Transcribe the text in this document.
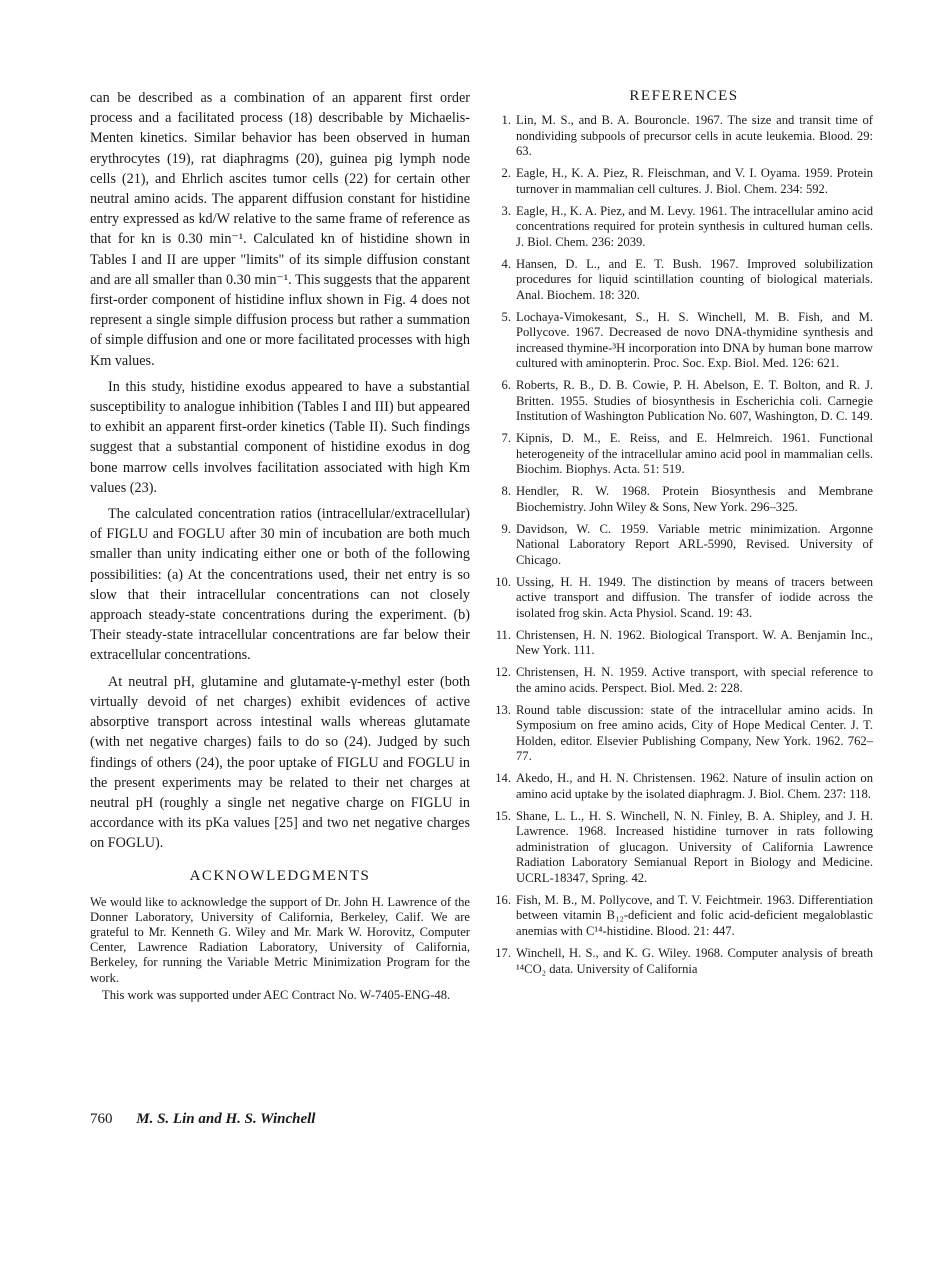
can be described as a combination of an apparent first order process and a facilitated process (18) describable by Michaelis-Menten kinetics. Similar behavior has been observed in human erythrocytes (19), rat diaphragms (20), guinea pig lymph node cells (21), and Ehrlich ascites tumor cells (22) for certain other neutral amino acids. The apparent diffusion constant for histidine entry expressed as kd/W relative to the same frame of reference as that for kn is 0.30 min⁻¹. Calculated kn of histidine shown in Tables I and II are upper "limits" of its simple diffusion constant and are all smaller than 0.30 min⁻¹. This suggests that the apparent first-order component of histidine influx shown in Fig. 4 does not represent a single simple diffusion process but rather a summation of simple diffusion and one or more facilitated processes with high Km values.

In this study, histidine exodus appeared to have a substantial susceptibility to analogue inhibition (Tables I and III) but appeared to exhibit an apparent first-order kinetics (Table II). Such findings suggest that a substantial component of histidine exodus in dog bone marrow cells involves facilitation associated with high Km values (23).

The calculated concentration ratios (intracellular/extracellular) of FIGLU and FOGLU after 30 min of incubation are both much smaller than unity indicating either one or both of the following possibilities: (a) At the concentrations used, their net entry is so slow that their intracellular concentrations can not closely approach steady-state concentrations during the experiment. (b) Their steady-state intracellular concentrations are far below their extracellular concentrations.

At neutral pH, glutamine and glutamate-γ-methyl ester (both virtually devoid of net charges) exhibit evidences of active absorptive transport across intestinal walls whereas glutamate (with net negative charges) fails to do so (24). Judged by such findings of others (24), the poor uptake of FIGLU and FOGLU in the present experiments may be related to their net charges at neutral pH (roughly a single net negative charge on FIGLU in accordance with its pKa values [25] and two net negative charges on FOGLU).

ACKNOWLEDGMENTS

We would like to acknowledge the support of Dr. John H. Lawrence of the Donner Laboratory, University of California, Berkeley, Calif. We are grateful to Mr. Kenneth G. Wiley and Mr. Mark W. Horovitz, Computer Center, Lawrence Radiation Laboratory, University of California, Berkeley, for running the Variable Metric Minimization Program for the work.

This work was supported under AEC Contract No. W-7405-ENG-48.

REFERENCES
1. Lin, M. S., and B. A. Bouroncle. 1967. The size and transit time of nondividing subpools of precursor cells in acute leukemia. Blood. 29: 63.
2. Eagle, H., K. A. Piez, R. Fleischman, and V. I. Oyama. 1959. Protein turnover in mammalian cell cultures. J. Biol. Chem. 234: 592.
3. Eagle, H., K. A. Piez, and M. Levy. 1961. The intracellular amino acid concentrations required for protein synthesis in cultured human cells. J. Biol. Chem. 236: 2039.
4. Hansen, D. L., and E. T. Bush. 1967. Improved solubilization procedures for liquid scintillation counting of biological materials. Anal. Biochem. 18: 320.
5. Lochaya-Vimokesant, S., H. S. Winchell, M. B. Fish, and M. Pollycove. 1967. Decreased de novo DNA-thymidine synthesis and increased thymine-³H incorporation into DNA by human bone marrow cultured with aminopterin. Proc. Soc. Exp. Biol. Med. 126: 621.
6. Roberts, R. B., D. B. Cowie, P. H. Abelson, E. T. Bolton, and R. J. Britten. 1955. Studies of biosynthesis in Escherichia coli. Carnegie Institution of Washington Publication No. 607, Washington, D. C. 149.
7. Kipnis, D. M., E. Reiss, and E. Helmreich. 1961. Functional heterogeneity of the intracellular amino acid pool in mammalian cells. Biochim. Biophys. Acta. 51: 519.
8. Hendler, R. W. 1968. Protein Biosynthesis and Membrane Biochemistry. John Wiley & Sons, New York. 296–325.
9. Davidson, W. C. 1959. Variable metric minimization. Argonne National Laboratory Report ARL-5990, Revised. University of Chicago.
10. Ussing, H. H. 1949. The distinction by means of tracers between active transport and diffusion. The transfer of iodide across the isolated frog skin. Acta Physiol. Scand. 19: 43.
11. Christensen, H. N. 1962. Biological Transport. W. A. Benjamin Inc., New York. 111.
12. Christensen, H. N. 1959. Active transport, with special reference to the amino acids. Perspect. Biol. Med. 2: 228.
13. Round table discussion: state of the intracellular amino acids. In Symposium on free amino acids, City of Hope Medical Center. J. T. Holden, editor. Elsevier Publishing Company, New York. 1962. 762–77.
14. Akedo, H., and H. N. Christensen. 1962. Nature of insulin action on amino acid uptake by the isolated diaphragm. J. Biol. Chem. 237: 118.
15. Shane, L. L., H. S. Winchell, N. N. Finley, B. A. Shipley, and J. H. Lawrence. 1968. Increased histidine turnover in rats following administration of glucagon. University of California Lawrence Radiation Laboratory Semianual Report in Biology and Medicine. UCRL-18347, Spring. 42.
16. Fish, M. B., M. Pollycove, and T. V. Feichtmeir. 1963. Differentiation between vitamin B₁₂-deficient and folic acid-deficient megaloblastic anemias with C¹⁴-histidine. Blood. 21: 447.
17. Winchell, H. S., and K. G. Wiley. 1968. Computer analysis of breath ¹⁴CO₂ data. University of California
760 M. S. Lin and H. S. Winchell
